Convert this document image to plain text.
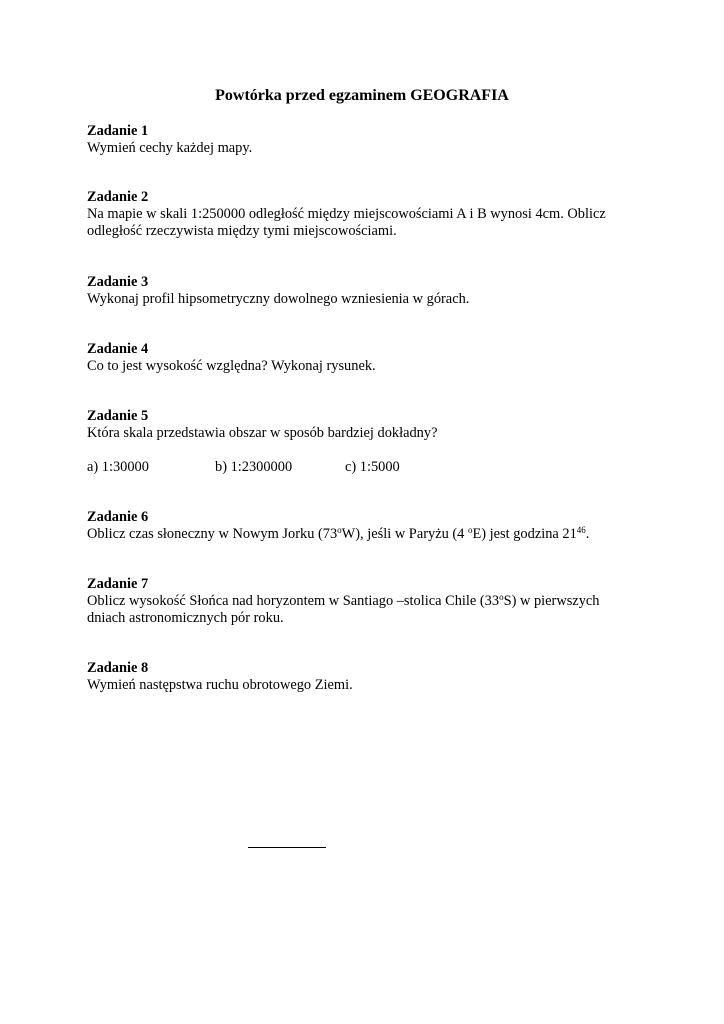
Powtórka przed egzaminem GEOGRAFIA
Zadanie 1
Wymień cechy każdej mapy.
Zadanie 2
Na mapie w skali 1:250000 odległość między miejscowościami A i B wynosi 4cm. Oblicz
odległość rzeczywista między tymi miejscowościami.
Zadanie 3
Wykonaj profil hipsometryczny dowolnego wzniesienia w górach.
Zadanie 4
Co to jest wysokość względna? Wykonaj rysunek.
Zadanie 5
Która skala przedstawia obszar w sposób bardziej dokładny?
a) 1:30000	b) 1:2300000	c) 1:5000
Zadanie 6
Oblicz czas słoneczny w Nowym Jorku (73$^o$W), jeśli w Paryżu (4 $^o$E) jest godzina $21^{46}$.
Zadanie 7
Oblicz wysokość Słońca nad horyzontem w Santiago –stolica Chile (33$^o$S) w pierwszych
dniach astronomicznych pór roku.
Zadanie 8
Wymień następstwa ruchu obrotowego Ziemi.
